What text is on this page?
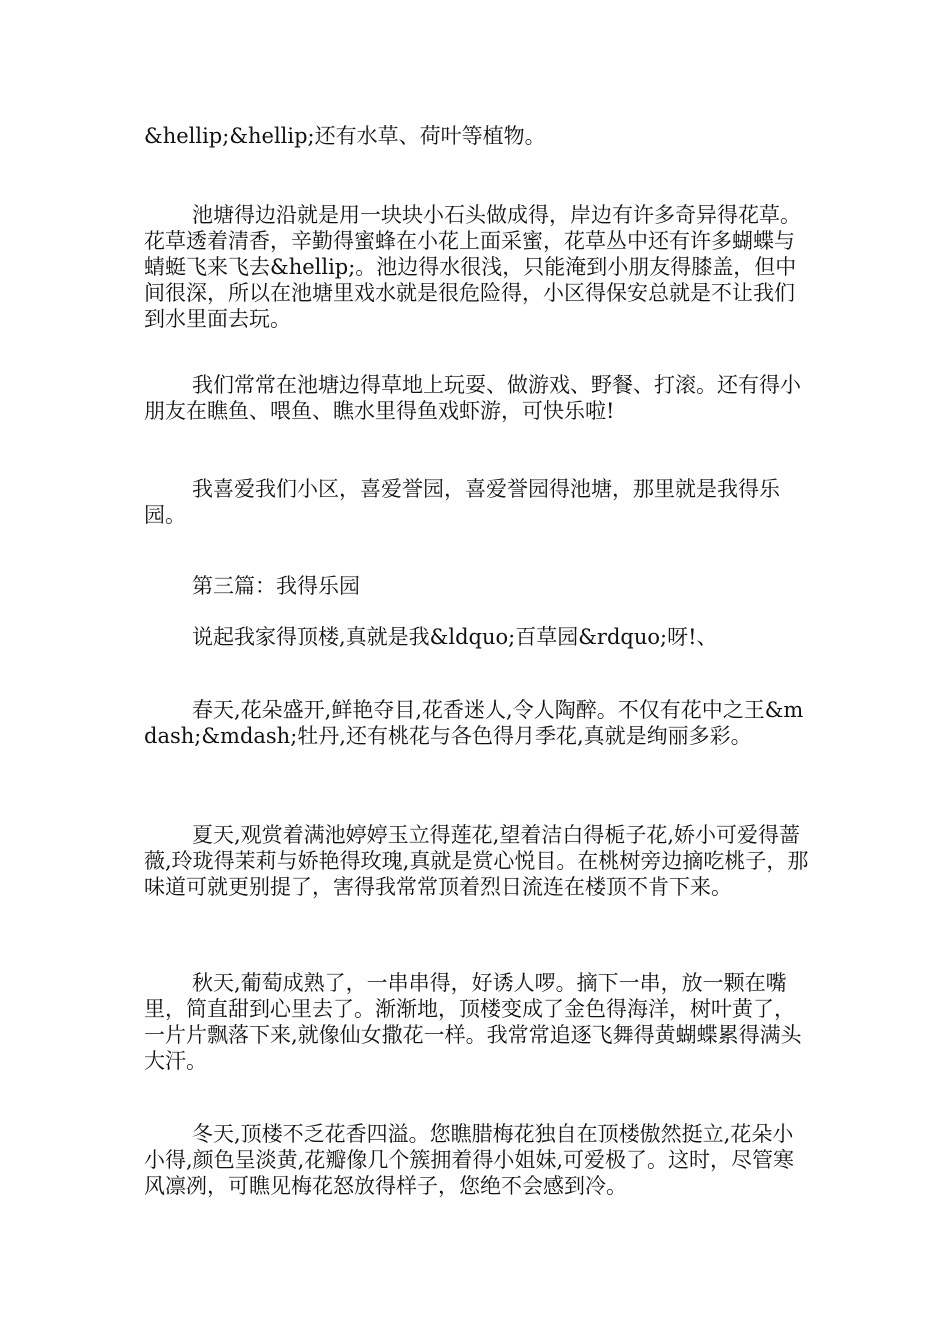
&hellip;&hellip;还有水草、荷叶等植物。

池塘得边沿就是用一块块小石头做成得，岸边有许多奇异得花草。花草透着清香，辛勤得蜜蜂在小花上面采蜜，花草丛中还有许多蝴蝶与蜻蜓飞来飞去&hellip;。池边得水很浅，只能淹到小朋友得膝盖，但中间很深，所以在池塘里戏水就是很危险得，小区得保安总就是不让我们到水里面去玩。

我们常常在池塘边得草地上玩耍、做游戏、野餐、打滚。还有得小朋友在瞧鱼、喂鱼、瞧水里得鱼戏虾游，可快乐啦!

我喜爱我们小区，喜爱誉园，喜爱誉园得池塘，那里就是我得乐园。

第三篇：我得乐园

说起我家得顶楼,真就是我&ldquo;百草园&rdquo;呀!、

春天,花朵盛开,鲜艳夺目,花香迷人,令人陶醉。不仅有花中之王&mdash;&mdash;牡丹,还有桃花与各色得月季花,真就是绚丽多彩。

夏天,观赏着满池婷婷玉立得莲花,望着洁白得栀子花,娇小可爱得蔷薇,玲珑得茉莉与娇艳得玫瑰,真就是赏心悦目。在桃树旁边摘吃桃子，那味道可就更别提了，害得我常常顶着烈日流连在楼顶不肯下来。

秋天,葡萄成熟了，一串串得，好诱人啰。摘下一串，放一颗在嘴里，简直甜到心里去了。渐渐地，顶楼变成了金色得海洋，树叶黄了，一片片飘落下来,就像仙女撒花一样。我常常追逐飞舞得黄蝴蝶累得满头大汗。

冬天,顶楼不乏花香四溢。您瞧腊梅花独自在顶楼傲然挺立,花朵小小得,颜色呈淡黄,花瓣像几个簇拥着得小姐妹,可爱极了。这时，尽管寒风凛冽，可瞧见梅花怒放得样子，您绝不会感到冷。
